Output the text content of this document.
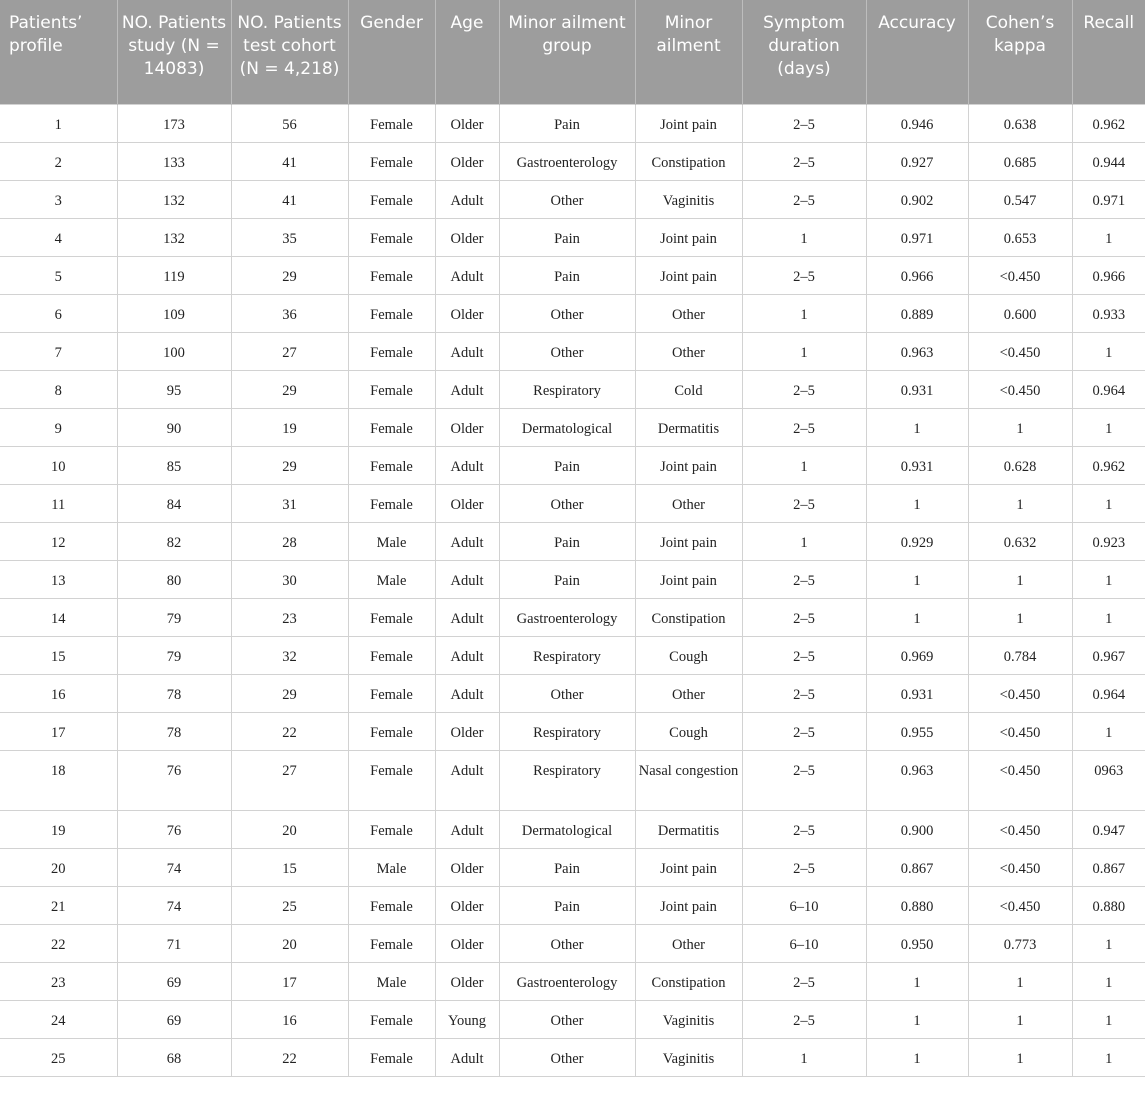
Patients’ profile	NO. Patients study (N = 14083)	NO. Patients test cohort (N = 4,218)	Gender	Age	Minor ailment group	Minor ailment	Symptom duration (days)	Accuracy	Cohen’s kappa	Recall
1	173	56	Female	Older	Pain	Joint pain	2–5	0.946	0.638	0.962
2	133	41	Female	Older	Gastroenterology	Constipation	2–5	0.927	0.685	0.944
3	132	41	Female	Adult	Other	Vaginitis	2–5	0.902	0.547	0.971
4	132	35	Female	Older	Pain	Joint pain	1	0.971	0.653	1
5	119	29	Female	Adult	Pain	Joint pain	2–5	0.966	<0.450	0.966
6	109	36	Female	Older	Other	Other	1	0.889	0.600	0.933
7	100	27	Female	Adult	Other	Other	1	0.963	<0.450	1
8	95	29	Female	Adult	Respiratory	Cold	2–5	0.931	<0.450	0.964
9	90	19	Female	Older	Dermatological	Dermatitis	2–5	1	1	1
10	85	29	Female	Adult	Pain	Joint pain	1	0.931	0.628	0.962
11	84	31	Female	Older	Other	Other	2–5	1	1	1
12	82	28	Male	Adult	Pain	Joint pain	1	0.929	0.632	0.923
13	80	30	Male	Adult	Pain	Joint pain	2–5	1	1	1
14	79	23	Female	Adult	Gastroenterology	Constipation	2–5	1	1	1
15	79	32	Female	Adult	Respiratory	Cough	2–5	0.969	0.784	0.967
16	78	29	Female	Adult	Other	Other	2–5	0.931	<0.450	0.964
17	78	22	Female	Older	Respiratory	Cough	2–5	0.955	<0.450	1
18	76	27	Female	Adult	Respiratory	Nasal congestion	2–5	0.963	<0.450	0963
19	76	20	Female	Adult	Dermatological	Dermatitis	2–5	0.900	<0.450	0.947
20	74	15	Male	Older	Pain	Joint pain	2–5	0.867	<0.450	0.867
21	74	25	Female	Older	Pain	Joint pain	6–10	0.880	<0.450	0.880
22	71	20	Female	Older	Other	Other	6–10	0.950	0.773	1
23	69	17	Male	Older	Gastroenterology	Constipation	2–5	1	1	1
24	69	16	Female	Young	Other	Vaginitis	2–5	1	1	1
25	68	22	Female	Adult	Other	Vaginitis	1	1	1	1
